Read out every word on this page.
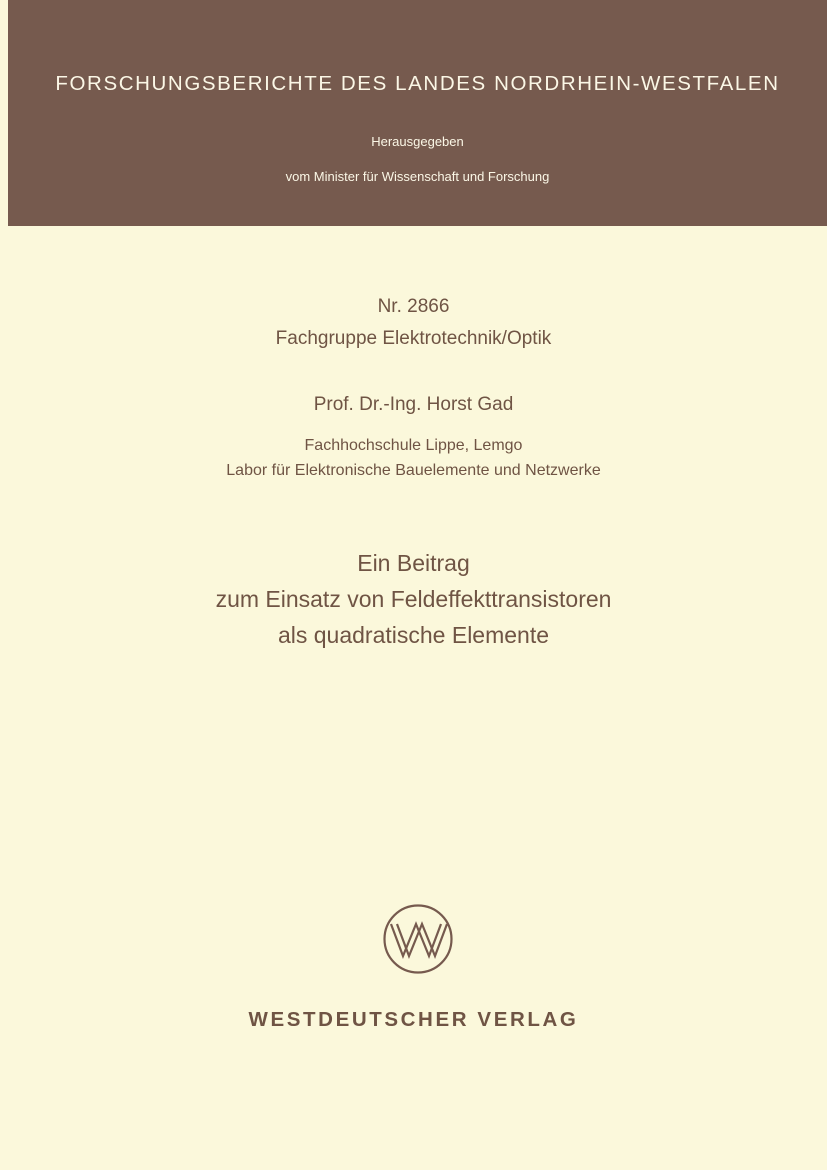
FORSCHUNGSBERICHTE DES LANDES NORDRHEIN-WESTFALEN
Herausgegeben
vom Minister für Wissenschaft und Forschung
Nr. 2866
Fachgruppe Elektrotechnik/Optik
Prof. Dr.-Ing. Horst Gad
Fachhochschule Lippe, Lemgo
Labor für Elektronische Bauelemente und Netzwerke
Ein Beitrag
zum Einsatz von Feldeffekttransistoren
als quadratische Elemente
WESTDEUTSCHER VERLAG
